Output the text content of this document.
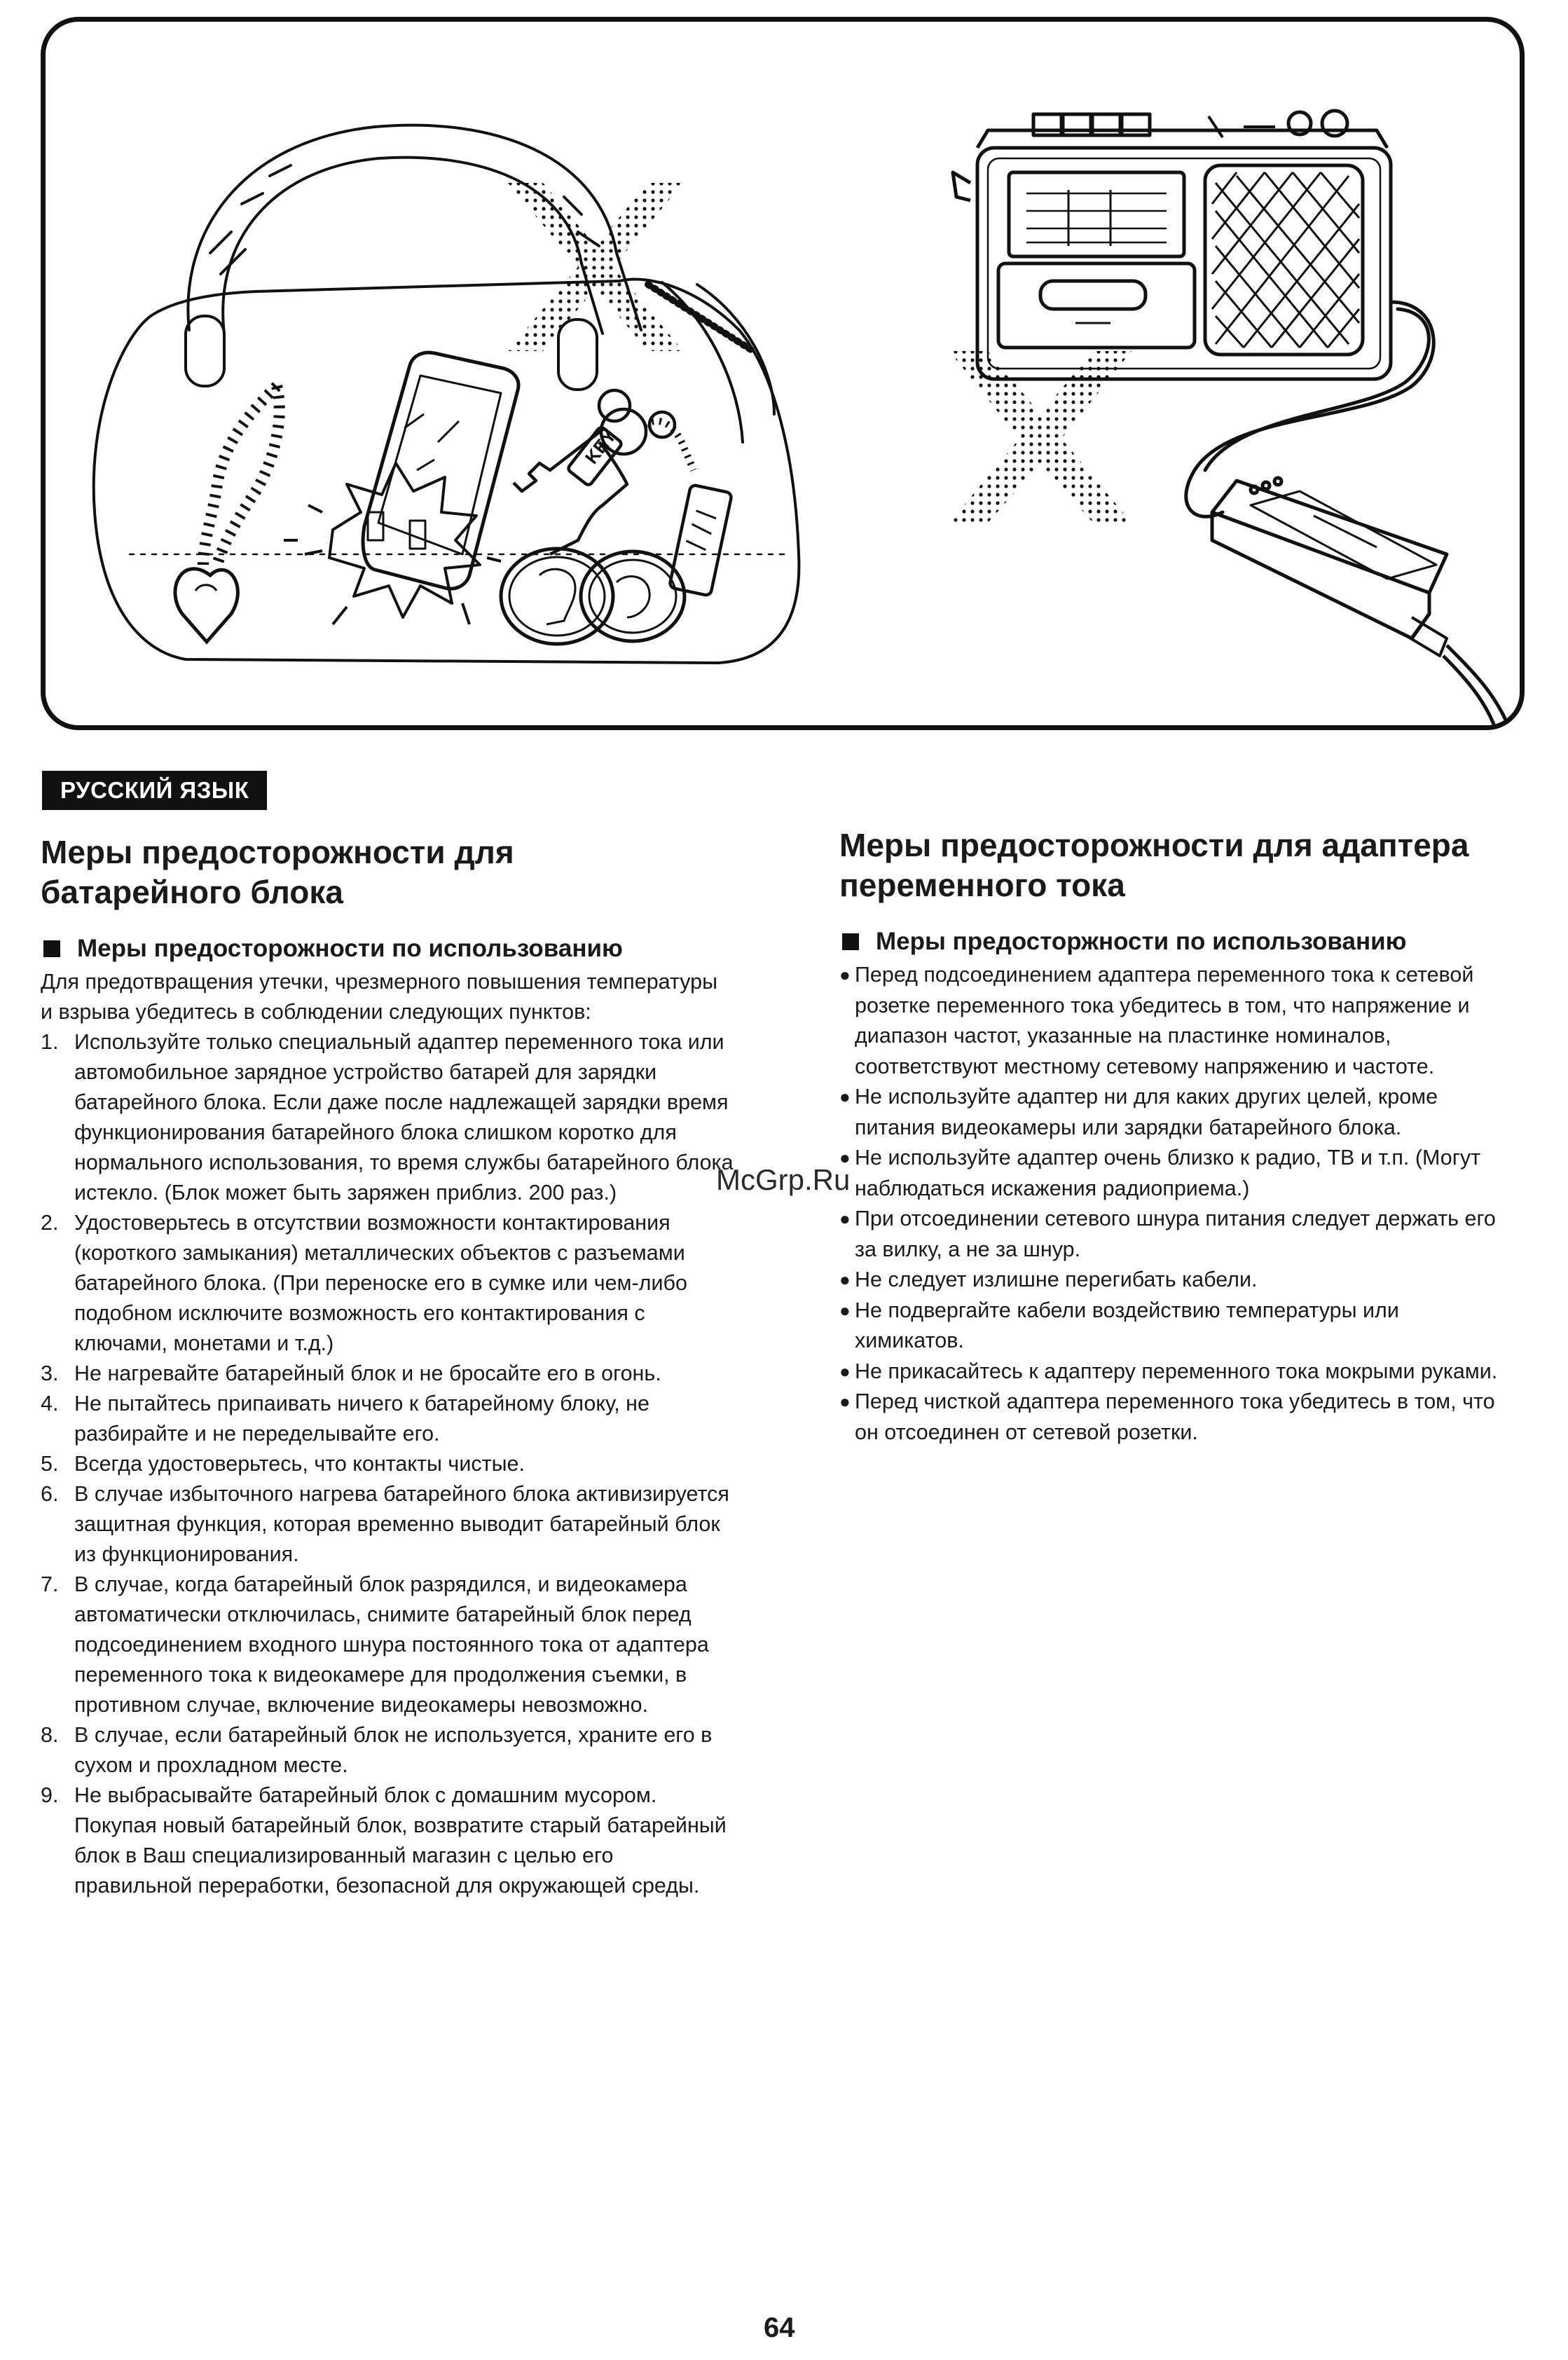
KEY
РУССКИЙ ЯЗЫК
Меры предосторожности для
батарейного блока
Меры предосторожности по использованию

Для предотвращения утечки, чрезмерного повышения температуры и взрыва убедитесь в соблюдении следующих пунктов:

1. Используйте только специальный адаптер переменного тока или автомобильное зарядное устройство батарей для зарядки батарейного блока. Если даже после надлежащей зарядки время функционирования батарейного блока слишком коротко для нормального использования, то время службы батарейного блока истекло. (Блок может быть заряжен приблиз. 200 раз.)
2. Удостоверьтесь в отсутствии возможности контактирования (короткого замыкания) металлических объектов с разъемами батарейного блока. (При переноске его в сумке или чем-либо подобном исключите возможность его контактирования с ключами, монетами и т.д.)
3. Не нагревайте батарейный блок и не бросайте его в огонь.
4. Не пытайтесь припаивать ничего к батарейному блоку, не разбирайте и не переделывайте его.
5. Всегда удостоверьтесь, что контакты чистые.
6. В случае избыточного нагрева батарейного блока активизируется защитная функция, которая временно выводит батарейный блок из функционирования.
7. В случае, когда батарейный блок разрядился, и видеокамера автоматически отключилась, снимите батарейный блок перед подсоединением входного шнура постоянного тока от адаптера переменного тока к видеокамере для продолжения съемки, в противном случае, включение видеокамеры невозможно.
8. В случае, если батарейный блок не используется, храните его в сухом и прохладном месте.
9. Не выбрасывайте батарейный блок с домашним мусором. Покупая новый батарейный блок, возвратите старый батарейный блок в Ваш специализированный магазин с целью его правильной переработки, безопасной для окружающей среды.
Меры предосторожности для адаптера
переменного тока
Меры предосторжности по использованию
● Перед подсоединением адаптера переменного тока к сетевой розетке переменного тока убедитесь в том, что напряжение и диапазон частот, указанные на пластинке номиналов, соответствуют местному сетевому напряжению и частоте.
● Не используйте адаптер ни для каких других целей, кроме питания видеокамеры или зарядки батарейного блока.
● Не используйте адаптер очень близко к радио, ТВ и т.п. (Могут наблюдаться искажения радиоприема.)
● При отсоединении сетевого шнура питания следует держать его за вилку, а не за шнур.
● Не следует излишне перегибать кабели.
● Не подвергайте кабели воздействию температуры или химикатов.
● Не прикасайтесь к адаптеру переменного тока мокрыми руками.
● Перед чисткой адаптера переменного тока убедитесь в том, что он отсоединен от сетевой розетки.
McGrp.Ru
64
